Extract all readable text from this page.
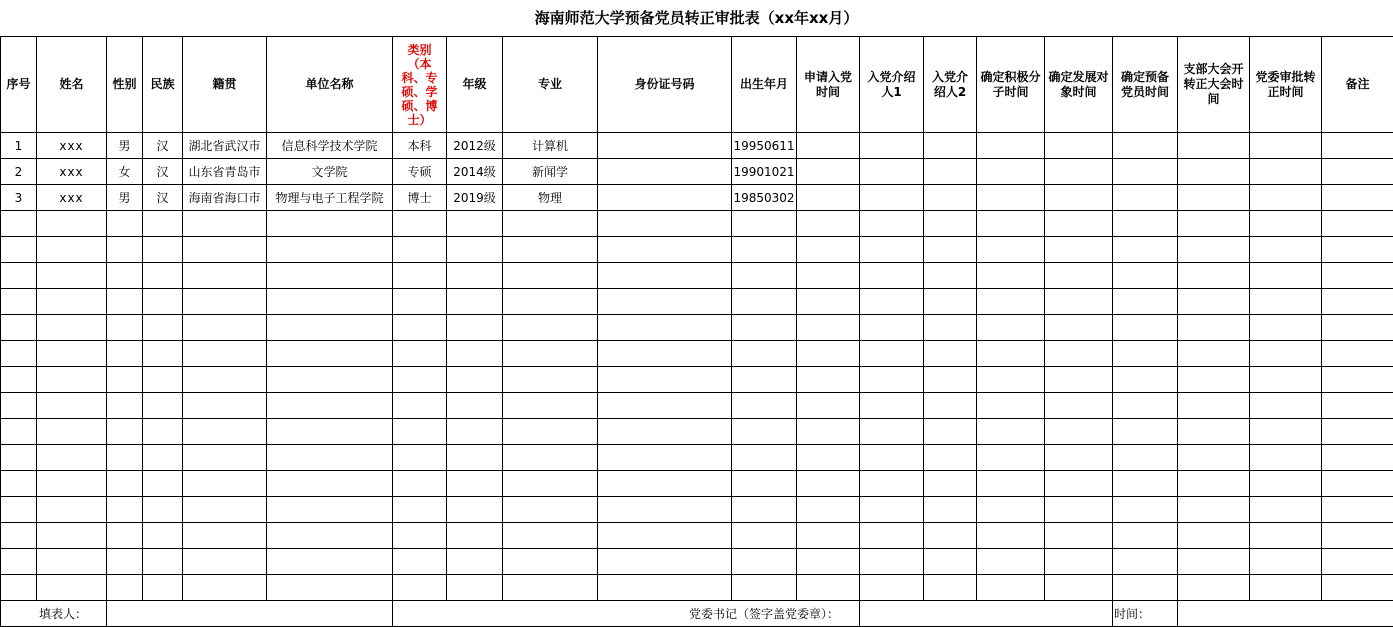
海南师范大学预备党员转正审批表（xx年xx月）
序号	姓名	性别	民族	籍贯	单位名称	类别（本科、专硕、学硕、博士）	年级	专业	身份证号码	出生年月	申请入党时间	入党介绍人1	入党介绍人2	确定积极分子时间	确定发展对象时间	确定预备党员时间	支部大会开转正大会时间	党委审批转正时间	备注
1	xxx	男	汉	湖北省武汉市	信息科学技术学院	本科	2012级	计算机		19950611									
2	xxx	女	汉	山东省青岛市	文学院	专硕	2014级	新闻学		19901021									
3	xxx	男	汉	海南省海口市	物理与电子工程学院	博士	2019级	物理		19850302									

填表人：						党委书记（签字盖党委章）：										时间：			
